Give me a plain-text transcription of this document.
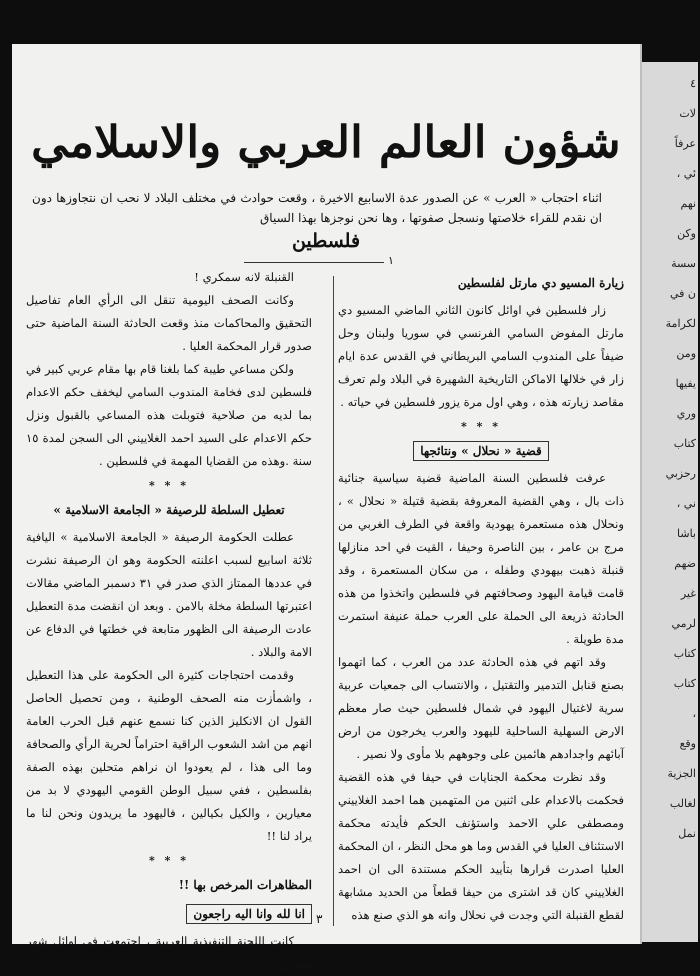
٤
لات
عرفاً
ئي ،
نهم
وكن
سسة
ن في
لكرامة
ومن
يفيها
وري
كتاب
رحزبي
ني ،
باشا
ضهم
غير
لرمي
كتاب
كتاب
،
وقع
الجزية
لغالب
نمل
شؤون العالم العربي والاسلامي
اثناء احتجاب « العرب » عن الصدور عدة الاسابيع الاخيرة ، وقعت حوادث في مختلف البلاد لا نحب ان نتجاوزها دون ان نقدم للقراء خلاصتها ونسجل صفوتها ، وها نحن نوجزها بهذا السياق
فلسطين
١
زيارة المسيو دي مارتل لفلسطين

زار فلسطين في اوائل كانون الثاني الماضي المسيو دي مارتل المفوض السامي الفرنسي في سوريا ولبنان وحل ضيفاً على المندوب السامي البريطاني في القدس عدة ايام زار في خلالها الاماكن التاريخية الشهيرة في البلاد ولم تعرف مقاصد زيارته هذه ، وهي اول مرة يزور فلسطين في حياته .

* * *
قضية « نحلال » ونتائجها

عرفت فلسطين السنة الماضية قضية سياسية جنائية ذات بال ، وهي القضية المعروفة بقضية قتيلة « نحلال » ، ونحلال هذه مستعمرة يهودية واقعة في الطرف الغربي من مرج بن عامر ، بين الناصرة وحيفا ، القيت في احد منازلها قنبلة ذهبت بيهودي وطفله ، من سكان المستعمرة ، وقد قامت قيامة اليهود وصحافتهم في فلسطين واتخذوا من هذه الحادثة ذريعة الى الحملة على العرب حملة عنيفة استمرت مدة طويلة .

وقد اتهم في هذه الحادثة عدد من العرب ، كما اتهموا بصنع قنابل التدمير والتقتيل ، والانتساب الى جمعيات عربية سرية لاغتيال اليهود في شمال فلسطين حيث صار معظم الارض السهلية الساحلية لليهود والعرب يخرجون من ارض آبائهم واجدادهم هائمين على وجوههم بلا مأوى ولا نصير .

وقد نظرت محكمة الجنايات في حيفا في هذه القضية فحكمت بالاعدام على اثنين من المتهمين هما احمد الغلاييني ومصطفى علي الاحمد واستؤنف الحكم فأيدته محكمة الاستئناف العليا في القدس وما هو محل النظر ، ان المحكمة العليا اصدرت قرارها بتأييد الحكم مستندة الى ان احمد الغلاييني كان قد اشترى من حيفا قطعاً من الحديد مشابهة لقطع القنبلة التي وجدت في نحلال وانه هو الذي صنع هذه

القنبلة لانه سمكري !

وكانت الصحف اليومية تنقل الى الرأي العام تفاصيل التحقيق والمحاكمات منذ وقعت الحادثة السنة الماضية حتى صدور قرار المحكمة العليا .

ولكن مساعي طيبة كما بلغنا قام بها مقام عربي كبير في فلسطين لدى فخامة المندوب السامي ليخفف حكم الاعدام بما لديه من صلاحية فتوبلت هذه المساعي بالقبول ونزل حكم الاعدام على السيد احمد الغلاييني الى السجن لمدة ١٥ سنة .وهذه من القضايا المهمة في فلسطين .

* * *
تعطيل السلطة للرصيفة « الجامعة الاسلامية »

عطلت الحكومة الرصيفة « الجامعة الاسلامية » اليافية ثلاثة اسابيع لسبب اعلنته الحكومة وهو ان الرصيفة نشرت في عددها الممتاز الذي صدر في ٣١ دسمبر الماضي مقالات اعتبرتها السلطة مخلة بالامن . وبعد ان انقضت مدة التعطيل عادت الرصيفة الى الظهور متابعة في خطتها في الدفاع عن الامة والبلاد .

وقدمت احتجاجات كثيرة الى الحكومة على هذا التعطيل ، واشمأزت منه الصحف الوطنية ، ومن تحصيل الحاصل القول ان الانكليز الذين كنا نسمع عنهم قبل الحرب العامة انهم من اشد الشعوب الراقية احتراماً لحرية الرأي والصحافة وما الى هذا ، لم يعودوا ان نراهم متحلين بهذه الصفة بفلسطين ، ففي سبيل الوطن القومي اليهودي لا بد من معيارين ، والكيل بكيالين ، فاليهود ما يريدون ونحن لنا ما يراد لنا !!

* * *
المظاهرات المرخص بها !!
انا لله وانا اليه راجعون

كانت اللجنة التنفيذية العربية ، اجتمعت في اوائل شهر تشرين

٣
